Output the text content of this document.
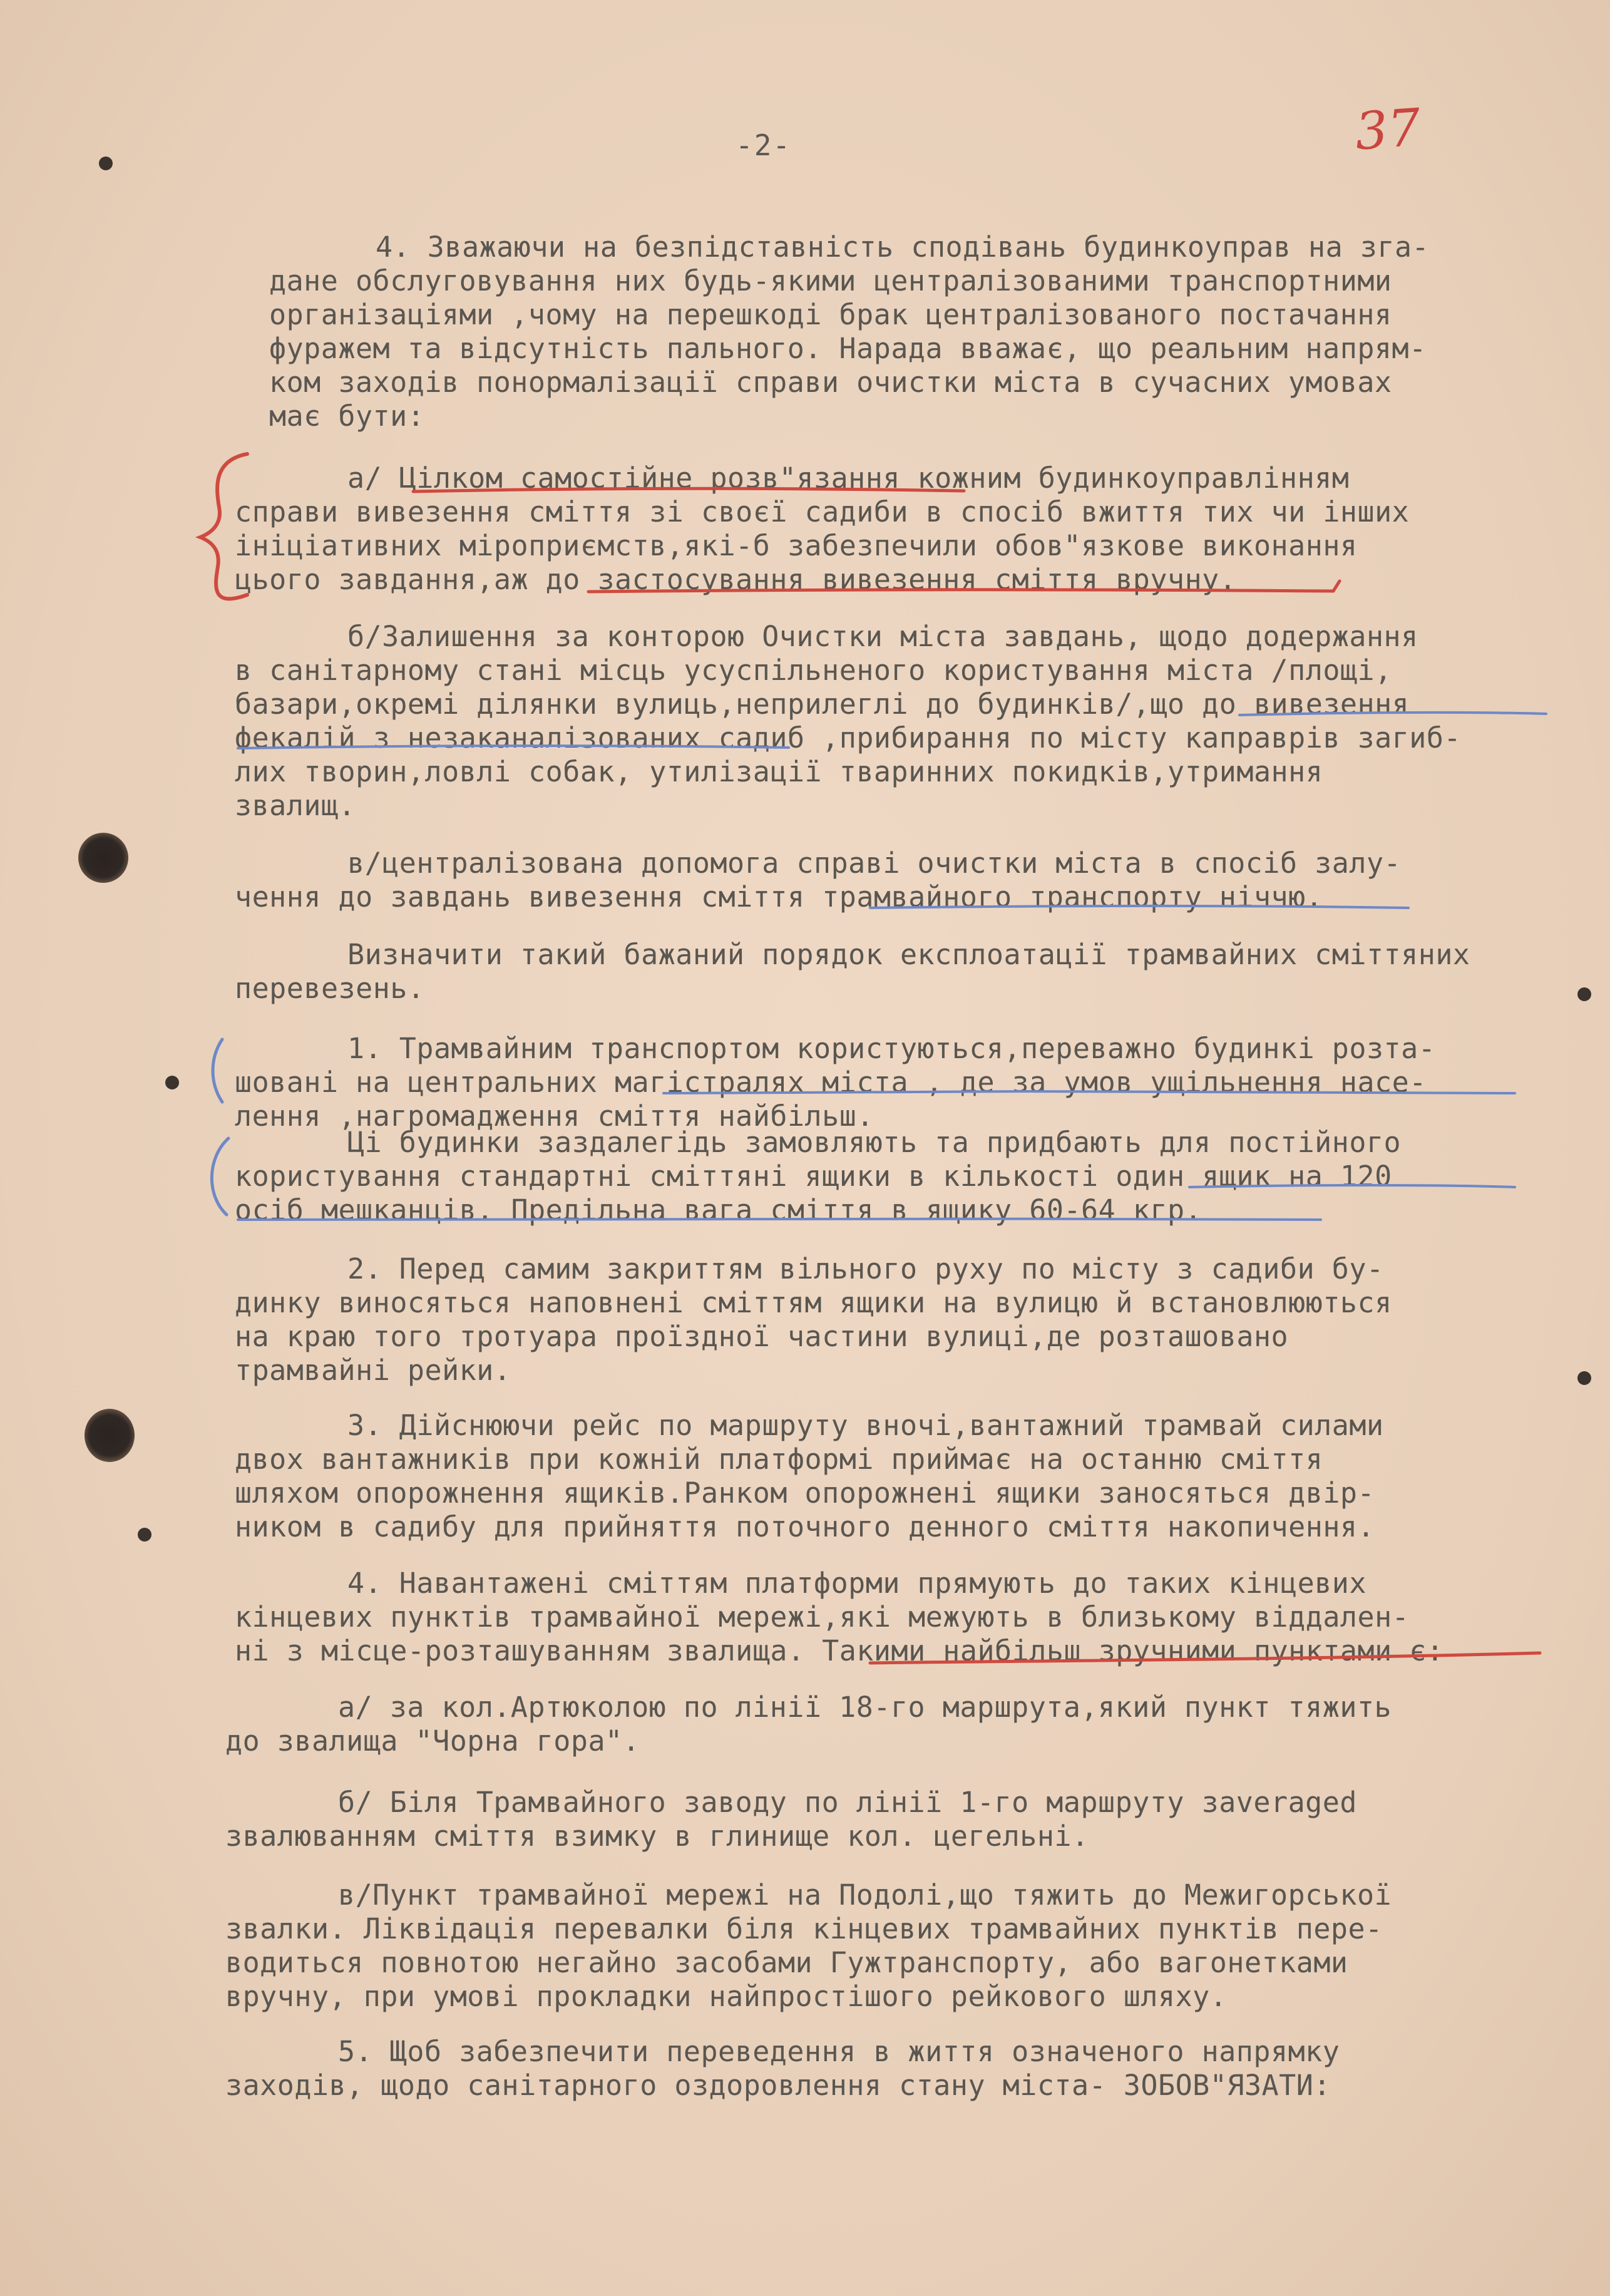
-2-	37
4. Зважаючи на безпідставність сподівань будинкоуправ на зга-
дане обслуговування них будь-якими централізованими транспортними
організаціями ,чому на перешкоді брак централізованого постачання
фуражем та відсутність пального. Нарада вважає, що реальним напрям-
ком заходів понормалізації справи очистки міста в сучасних умовах
має бути:
а/ Цілком самостійне розв"язання кожним будинкоуправлінням
справи вивезення сміття зі своєї садиби в спосіб вжиття тих чи інших
ініціативних міроприємств,які-б забезпечили обов"язкове виконання
цього завдання,аж до застосування вивезення сміття вручну.
б/Залишення за конторою Очистки міста завдань, щодо додержання
в санітарному стані місць усуспільненого користування міста /площі,
базари,окремі ділянки вулиць,неприлеглі до будинків/,що до вивезення
фекалій з незаканалізованих садиб ,прибирання по місту каправрів загиб-
лих творин,ловлі собак, утилізації тваринних покидків,утримання
звалищ.
в/централізована допомога справі очистки міста в спосіб залу-
чення до завдань вивезення сміття трамвайного транспорту ніччю.
Визначити такий бажаний порядок експлоатації трамвайних сміттяних
перевезень.
1. Трамвайним транспортом користуються,переважно будинкі розта-
шовані на центральних магістралях міста , де за умов ущільнення насе-
лення ,нагромадження сміття найбільш.
Ці будинки заздалегідь замовляють та придбають для постійного
користування стандартні сміттяні ящики в кількості один ящик на 120
осіб мешканців. Предільна вага сміття в ящику 60-64 кгр.
2. Перед самим закриттям вільного руху по місту з садиби бу-
динку виносяться наповнені сміттям ящики на вулицю й встановлюються
на краю того тротуара проїздної частини вулиці,де розташовано
трамвайні рейки.
3. Дійснюючи рейс по маршруту вночі,вантажний трамвай силами
двох вантажників при кожній платформі приймає на останню сміття
шляхом опорожнення ящиків.Ранком опорожнені ящики заносяться двір-
ником в садибу для прийняття поточного денного сміття накопичення.
4. Навантажені сміттям платформи прямують до таких кінцевих
кінцевих пунктів трамвайної мережі,які межують в близькому віддален-
ні з місце-розташуванням звалища. Такими найбільш зручними пунктами є:
а/ за кол.Артюколою по лінії 18-го маршрута,який пункт тяжить
до звалища "Чорна гора".
б/ Біля Трамвайного заводу по лінії 1-го маршруту зaveraged
звалюванням сміття взимку в глинище кол. цегельні.
в/Пункт трамвайної мережі на Подолі,що тяжить до Межигорської
звалки. Ліквідація перевалки біля кінцевих трамвайних пунктів пере-
водиться повнотою негайно засобами Гужтранспорту, або вагонетками
вручну, при умові прокладки найпростішого рейкового шляху.
5. Щоб забезпечити переведення в життя означеного напрямку
заходів, щодо санітарного оздоровлення стану міста- ЗОБОВ"ЯЗАТИ:
